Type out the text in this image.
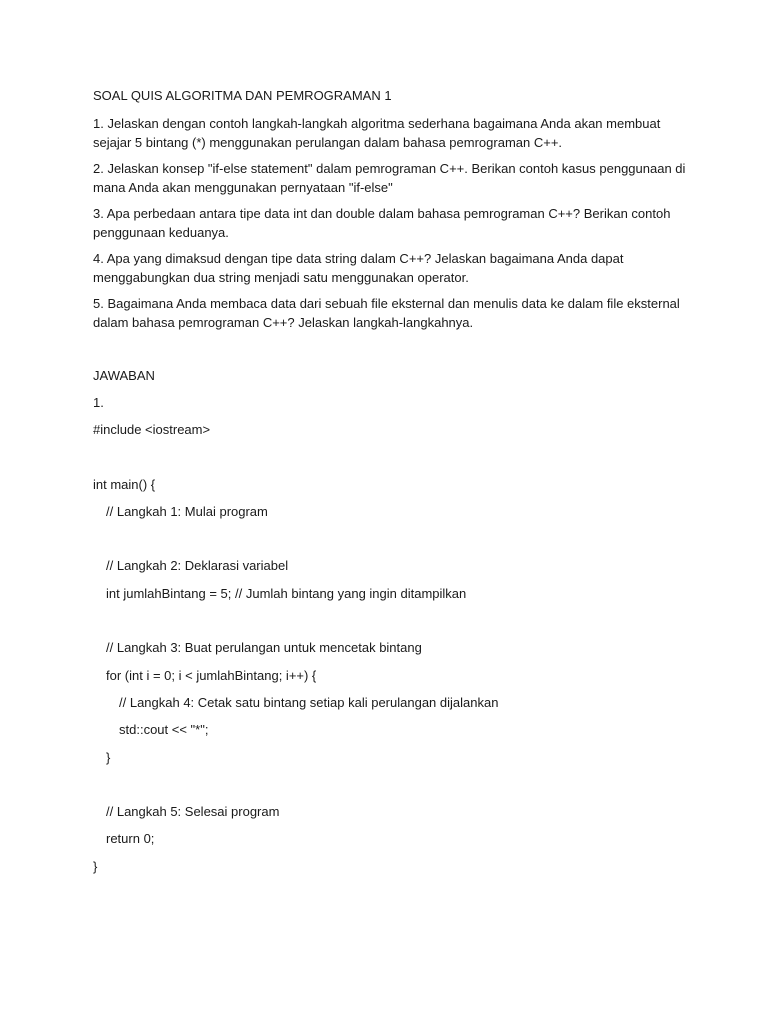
SOAL QUIS ALGORITMA DAN PEMROGRAMAN 1

1. Jelaskan dengan contoh langkah-langkah algoritma sederhana bagaimana Anda akan membuat sejajar 5 bintang (*) menggunakan perulangan dalam bahasa pemrograman C++.

2. Jelaskan konsep "if-else statement" dalam pemrograman C++. Berikan contoh kasus penggunaan di mana Anda akan menggunakan pernyataan "if-else"

3. Apa perbedaan antara tipe data int dan double dalam bahasa pemrograman C++? Berikan contoh penggunaan keduanya.

4. Apa yang dimaksud dengan tipe data string dalam C++? Jelaskan bagaimana Anda dapat menggabungkan dua string menjadi satu menggunakan operator.

5. Bagaimana Anda membaca data dari sebuah file eksternal dan menulis data ke dalam file eksternal dalam bahasa pemrograman C++? Jelaskan langkah-langkahnya.

JAWABAN
1.
#include <iostream>
int main() {
// Langkah 1: Mulai program
// Langkah 2: Deklarasi variabel
int jumlahBintang = 5; // Jumlah bintang yang ingin ditampilkan
// Langkah 3: Buat perulangan untuk mencetak bintang
for (int i = 0; i < jumlahBintang; i++) {
// Langkah 4: Cetak satu bintang setiap kali perulangan dijalankan
std::cout << "*";
}
// Langkah 5: Selesai program
return 0;
}
